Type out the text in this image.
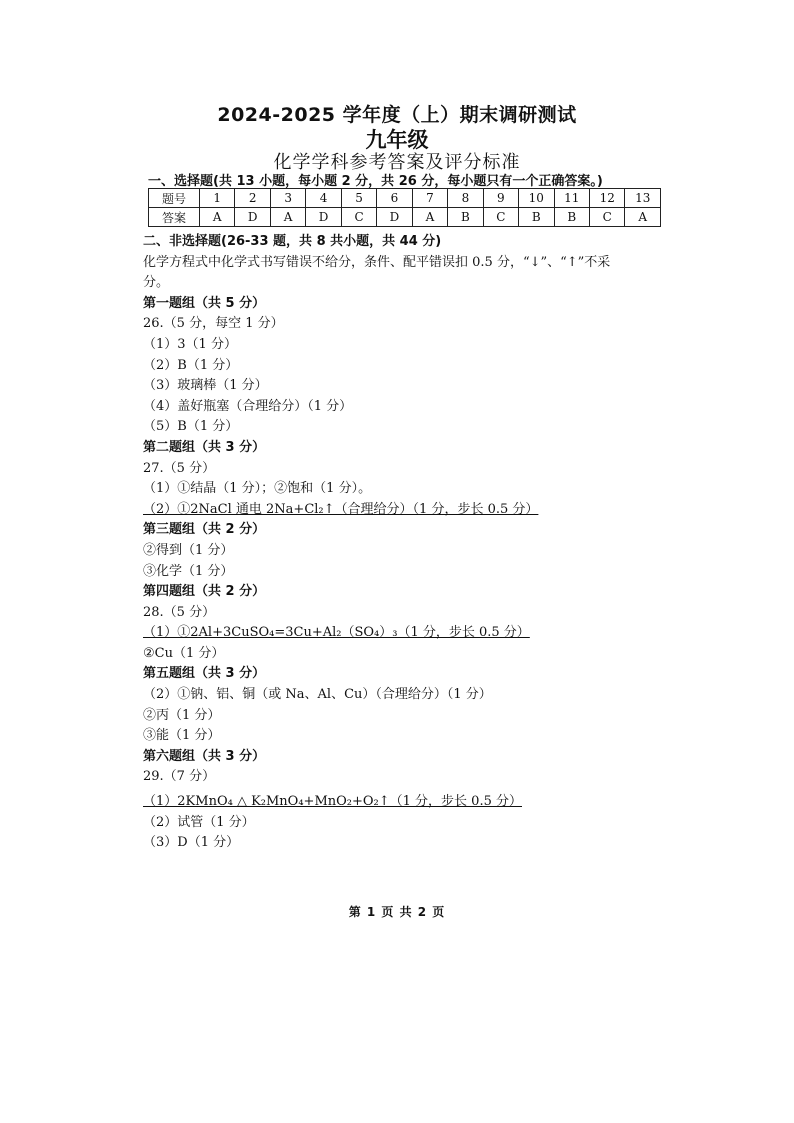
2024-2025 学年度（上）期末调研测试
九年级
化学学科参考答案及评分标准
一、选择题(共 13 小题，每小题 2 分，共 26 分，每小题只有一个正确答案。)
题号	1	2	3	4	5	6	7	8	9	10	11	12	13
答案	A	D	A	D	C	D	A	B	C	B	B	C	A
二、非选择题(26-33 题，共 8 共小题，共 44 分)
化学方程式中化学式书写错误不给分，条件、配平错误扣 0.5 分，“↓”、“↑”不采
分。
第一题组（共 5 分）
26.（5 分，每空 1 分）
（1）3（1 分）
（2）B（1 分）
（3）玻璃棒（1 分）
（4）盖好瓶塞（合理给分）（1 分）
（5）B（1 分）
第二题组（共 3 分）
27.（5 分）
（1）①结晶（1 分）；②饱和（1 分）。
（2）①2NaCl 通电 2Na+Cl₂↑（合理给分）（1 分，步长 0.5 分）
第三题组（共 2 分）
②得到（1 分）
③化学（1 分）
第四题组（共 2 分）
28.（5 分）
（1）①2Al+3CuSO₄=3Cu+Al₂（SO₄）₃（1 分，步长 0.5 分）
②Cu（1 分）
第五题组（共 3 分）
（2）①钠、铝、铜（或 Na、Al、Cu）（合理给分）（1 分）
②丙（1 分）
③能（1 分）
第六题组（共 3 分）
29.（7 分）
（1）2KMnO₄ △ K₂MnO₄+MnO₂+O₂↑（1 分，步长 0.5 分）
（2）试管（1 分）
（3）D（1 分）
第 1 页 共 2 页
